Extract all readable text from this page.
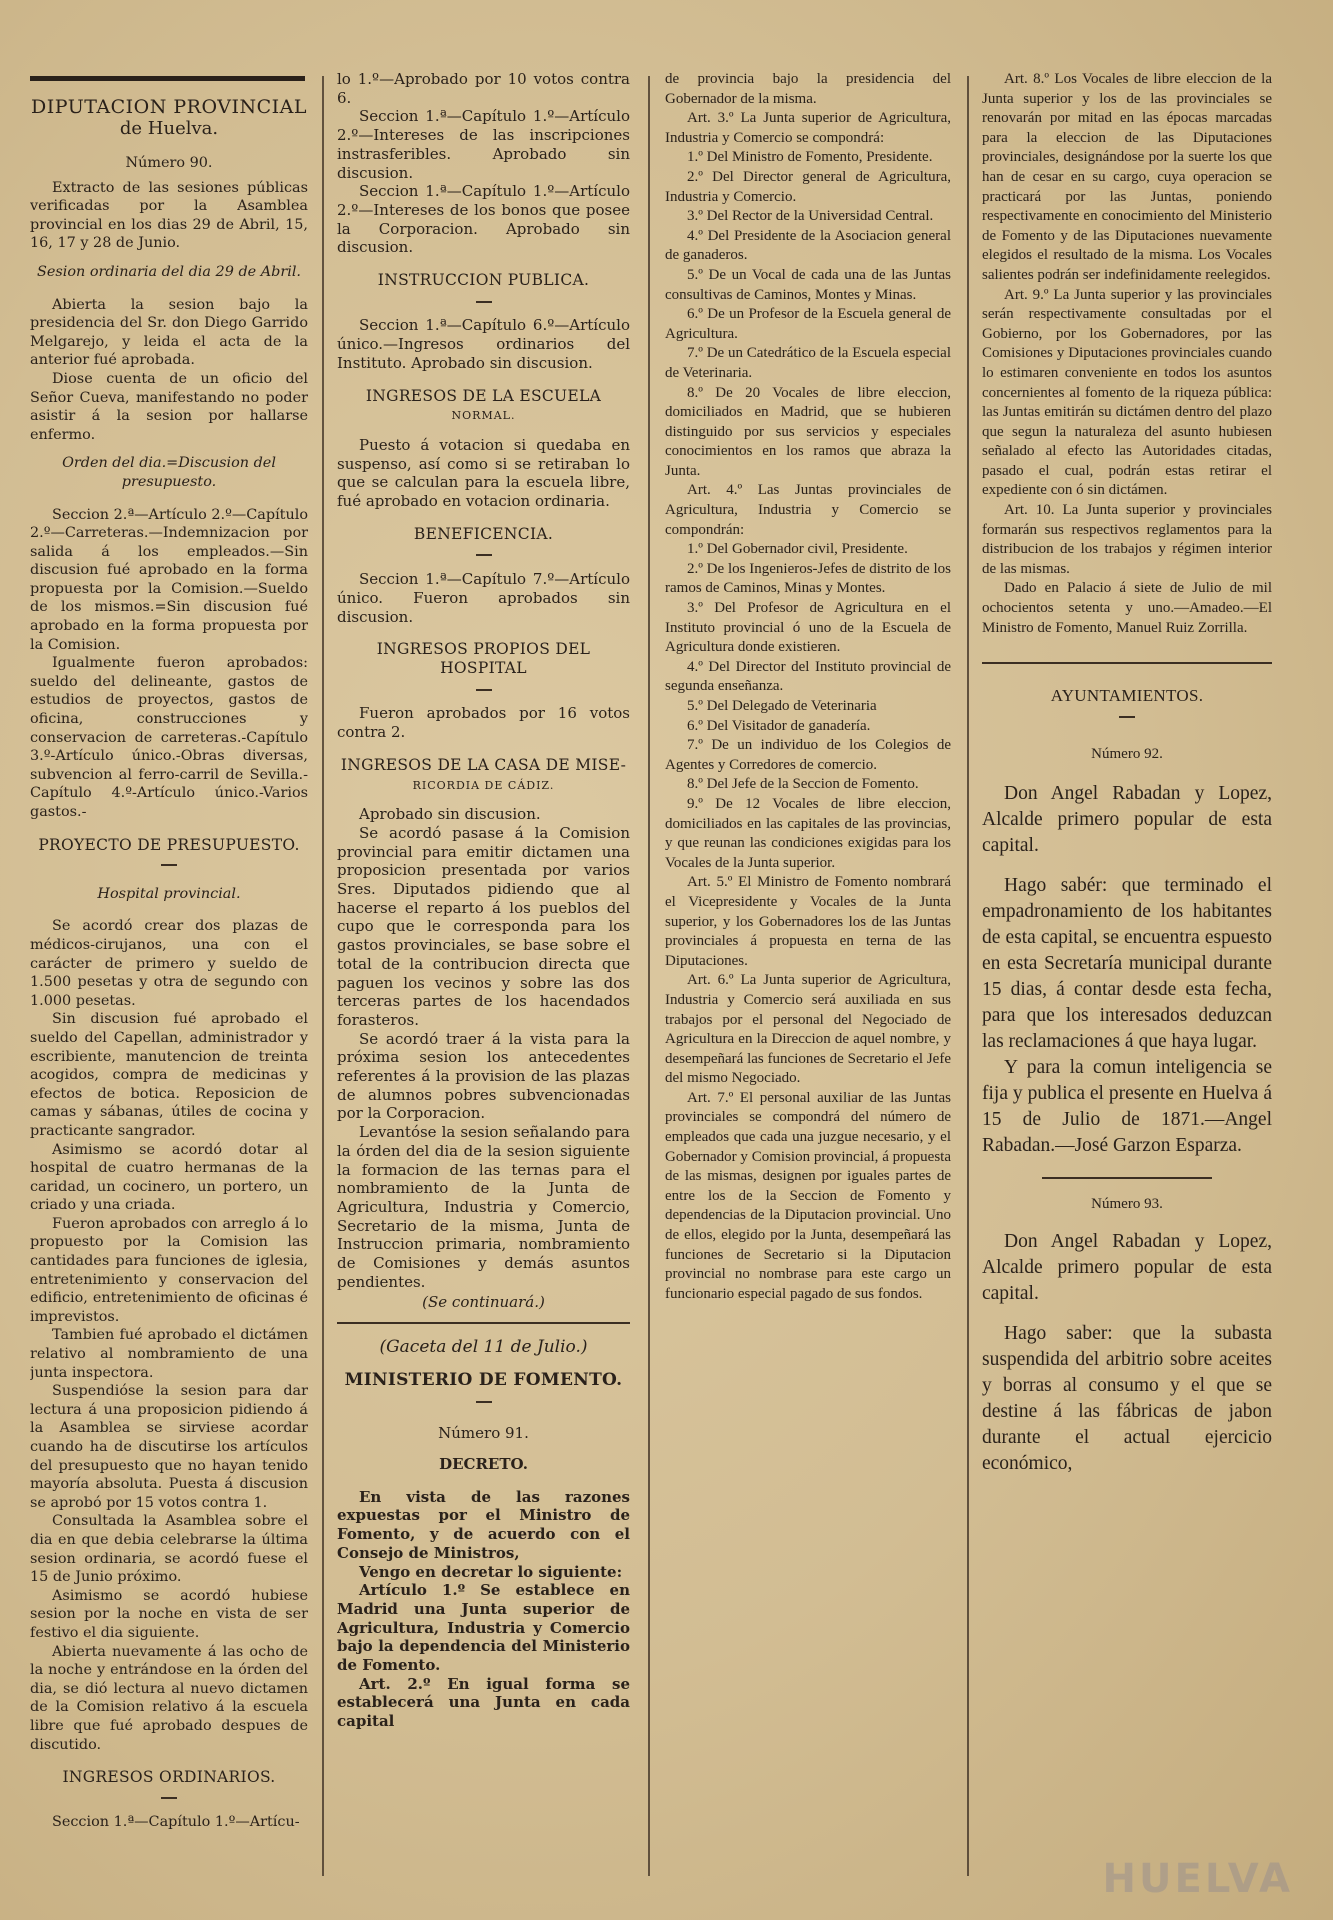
DIPUTACION PROVINCIAL
de Huelva.
Número 90.

Extracto de las sesiones públicas verificadas por la Asamblea provincial en los dias 29 de Abril, 15, 16, 17 y 28 de Junio.

Sesion ordinaria del dia 29 de Abril.

Abierta la sesion bajo la presidencia del Sr. don Diego Garrido Melgarejo, y leida el acta de la anterior fué aprobada.

Diose cuenta de un oficio del Señor Cueva, manifestando no poder asistir á la sesion por hallarse enfermo.

Orden del dia.=Discusion del presupuesto.

Seccion 2.ª—Artículo 2.º—Capítulo 2.º—Carreteras.—Indemnizacion por salida á los empleados.—Sin discusion fué aprobado en la forma propuesta por la Comision.—Sueldo de los mismos.=Sin discusion fué aprobado en la forma propuesta por la Comision.

Igualmente fueron aprobados: sueldo del delineante, gastos de estudios de proyectos, gastos de oficina, construcciones y conservacion de carreteras.-Capítulo 3.º-Artículo único.-Obras diversas, subvencion al ferro-carril de Sevilla.-Capítulo 4.º-Artículo único.-Varios gastos.-

PROYECTO DE PRESUPUESTO.
Hospital provincial.

Se acordó crear dos plazas de médicos-cirujanos, una con el carácter de primero y sueldo de 1.500 pesetas y otra de segundo con 1.000 pesetas.

Sin discusion fué aprobado el sueldo del Capellan, administrador y escribiente, manutencion de treinta acogidos, compra de medicinas y efectos de botica. Reposicion de camas y sábanas, útiles de cocina y practicante sangrador.

Asimismo se acordó dotar al hospital de cuatro hermanas de la caridad, un cocinero, un portero, un criado y una criada.

Fueron aprobados con arreglo á lo propuesto por la Comision las cantidades para funciones de iglesia, entretenimiento y conservacion del edificio, entretenimiento de oficinas é imprevistos.

Tambien fué aprobado el dictámen relativo al nombramiento de una junta inspectora.

Suspendióse la sesion para dar lectura á una proposicion pidiendo á la Asamblea se sirviese acordar cuando ha de discutirse los artículos del presupuesto que no hayan tenido mayoría absoluta. Puesta á discusion se aprobó por 15 votos contra 1.

Consultada la Asamblea sobre el dia en que debia celebrarse la última sesion ordinaria, se acordó fuese el 15 de Junio próximo.

Asimismo se acordó hubiese sesion por la noche en vista de ser festivo el dia siguiente.

Abierta nuevamente á las ocho de la noche y entrándose en la órden del dia, se dió lectura al nuevo dictamen de la Comision relativo á la escuela libre que fué aprobado despues de discutido.

INGRESOS ORDINARIOS.

Seccion 1.ª—Capítulo 1.º—Artícu-

lo 1.º—Aprobado por 10 votos contra 6.

Seccion 1.ª—Capítulo 1.º—Artículo 2.º—Intereses de las inscripciones instrasferibles. Aprobado sin discusion.

Seccion 1.ª—Capítulo 1.º—Artículo 2.º—Intereses de los bonos que posee la Corporacion. Aprobado sin discusion.

INSTRUCCION PUBLICA.

Seccion 1.ª—Capítulo 6.º—Artículo único.—Ingresos ordinarios del Instituto. Aprobado sin discusion.

INGRESOS DE LA ESCUELA
NORMAL.

Puesto á votacion si quedaba en suspenso, así como si se retiraban lo que se calculan para la escuela libre, fué aprobado en votacion ordinaria.

BENEFICENCIA.

Seccion 1.ª—Capítulo 7.º—Artículo único. Fueron aprobados sin discusion.

INGRESOS PROPIOS DEL HOSPITAL

Fueron aprobados por 16 votos contra 2.

INGRESOS DE LA CASA DE MISE-
RICORDIA DE CÁDIZ.

Aprobado sin discusion.

Se acordó pasase á la Comision provincial para emitir dictamen una proposicion presentada por varios Sres. Diputados pidiendo que al hacerse el reparto á los pueblos del cupo que le corresponda para los gastos provinciales, se base sobre el total de la contribucion directa que paguen los vecinos y sobre las dos terceras partes de los hacendados forasteros.

Se acordó traer á la vista para la próxima sesion los antecedentes referentes á la provision de las plazas de alumnos pobres subvencionadas por la Corporacion.

Levantóse la sesion señalando para la órden del dia de la sesion siguiente la formacion de las ternas para el nombramiento de la Junta de Agricultura, Industria y Comercio, Secretario de la misma, Junta de Instruccion primaria, nombramiento de Comisiones y demás asuntos pendientes.

(Se continuará.)
(Gaceta del 11 de Julio.)
MINISTERIO DE FOMENTO.
Número 91.
DECRETO.

En vista de las razones expuestas por el Ministro de Fomento, y de acuerdo con el Consejo de Ministros,

Vengo en decretar lo siguiente:

Artículo 1.º Se establece en Madrid una Junta superior de Agricultura, Industria y Comercio bajo la dependencia del Ministerio de Fomento.

Art. 2.º En igual forma se establecerá una Junta en cada capital

de provincia bajo la presidencia del Gobernador de la misma.

Art. 3.º La Junta superior de Agricultura, Industria y Comercio se compondrá:

1.º Del Ministro de Fomento, Presidente.

2.º Del Director general de Agricultura, Industria y Comercio.

3.º Del Rector de la Universidad Central.

4.º Del Presidente de la Asociacion general de ganaderos.

5.º De un Vocal de cada una de las Juntas consultivas de Caminos, Montes y Minas.

6.º De un Profesor de la Escuela general de Agricultura.

7.º De un Catedrático de la Escuela especial de Veterinaria.

8.º De 20 Vocales de libre eleccion, domiciliados en Madrid, que se hubieren distinguido por sus servicios y especiales conocimientos en los ramos que abraza la Junta.

Art. 4.º Las Juntas provinciales de Agricultura, Industria y Comercio se compondrán:

1.º Del Gobernador civil, Presidente.

2.º De los Ingenieros-Jefes de distrito de los ramos de Caminos, Minas y Montes.

3.º Del Profesor de Agricultura en el Instituto provincial ó uno de la Escuela de Agricultura donde existieren.

4.º Del Director del Instituto provincial de segunda enseñanza.

5.º Del Delegado de Veterinaria

6.º Del Visitador de ganadería.

7.º De un individuo de los Colegios de Agentes y Corredores de comercio.

8.º Del Jefe de la Seccion de Fomento.

9.º De 12 Vocales de libre eleccion, domiciliados en las capitales de las provincias, y que reunan las condiciones exigidas para los Vocales de la Junta superior.

Art. 5.º El Ministro de Fomento nombrará el Vicepresidente y Vocales de la Junta superior, y los Gobernadores los de las Juntas provinciales á propuesta en terna de las Diputaciones.

Art. 6.º La Junta superior de Agricultura, Industria y Comercio será auxiliada en sus trabajos por el personal del Negociado de Agricultura en la Direccion de aquel nombre, y desempeñará las funciones de Secretario el Jefe del mismo Negociado.

Art. 7.º El personal auxiliar de las Juntas provinciales se compondrá del número de empleados que cada una juzgue necesario, y el Gobernador y Comision provincial, á propuesta de las mismas, designen por iguales partes de entre los de la Seccion de Fomento y dependencias de la Diputacion provincial. Uno de ellos, elegido por la Junta, desempeñará las funciones de Secretario si la Diputacion provincial no nombrase para este cargo un funcionario especial pagado de sus fondos.

Art. 8.º Los Vocales de libre eleccion de la Junta superior y los de las provinciales se renovarán por mitad en las épocas marcadas para la eleccion de las Diputaciones provinciales, designándose por la suerte los que han de cesar en su cargo, cuya operacion se practicará por las Juntas, poniendo respectivamente en conocimiento del Ministerio de Fomento y de las Diputaciones nuevamente elegidos el resultado de la misma. Los Vocales salientes podrán ser indefinidamente reelegidos.

Art. 9.º La Junta superior y las provinciales serán respectivamente consultadas por el Gobierno, por los Gobernadores, por las Comisiones y Diputaciones provinciales cuando lo estimaren conveniente en todos los asuntos concernientes al fomento de la riqueza pública: las Juntas emitirán su dictámen dentro del plazo que segun la naturaleza del asunto hubiesen señalado al efecto las Autoridades citadas, pasado el cual, podrán estas retirar el expediente con ó sin dictámen.

Art. 10. La Junta superior y provinciales formarán sus respectivos reglamentos para la distribucion de los trabajos y régimen interior de las mismas.

Dado en Palacio á siete de Julio de mil ochocientos setenta y uno.—Amadeo.—El Ministro de Fomento, Manuel Ruiz Zorrilla.

AYUNTAMIENTOS.
Número 92.

Don Angel Rabadan y Lopez, Alcalde primero popular de esta capital.

Hago sabér: que terminado el empadronamiento de los habitantes de esta capital, se encuentra espuesto en esta Secretaría municipal durante 15 dias, á contar desde esta fecha, para que los interesados deduzcan las reclamaciones á que haya lugar.

Y para la comun inteligencia se fija y publica el presente en Huelva á 15 de Julio de 1871.—Angel Rabadan.—José Garzon Esparza.

Número 93.

Don Angel Rabadan y Lopez, Alcalde primero popular de esta capital.

Hago saber: que la subasta suspendida del arbitrio sobre aceites y borras al consumo y el que se destine á las fábricas de jabon durante el actual ejercicio económico,

HUELVA
